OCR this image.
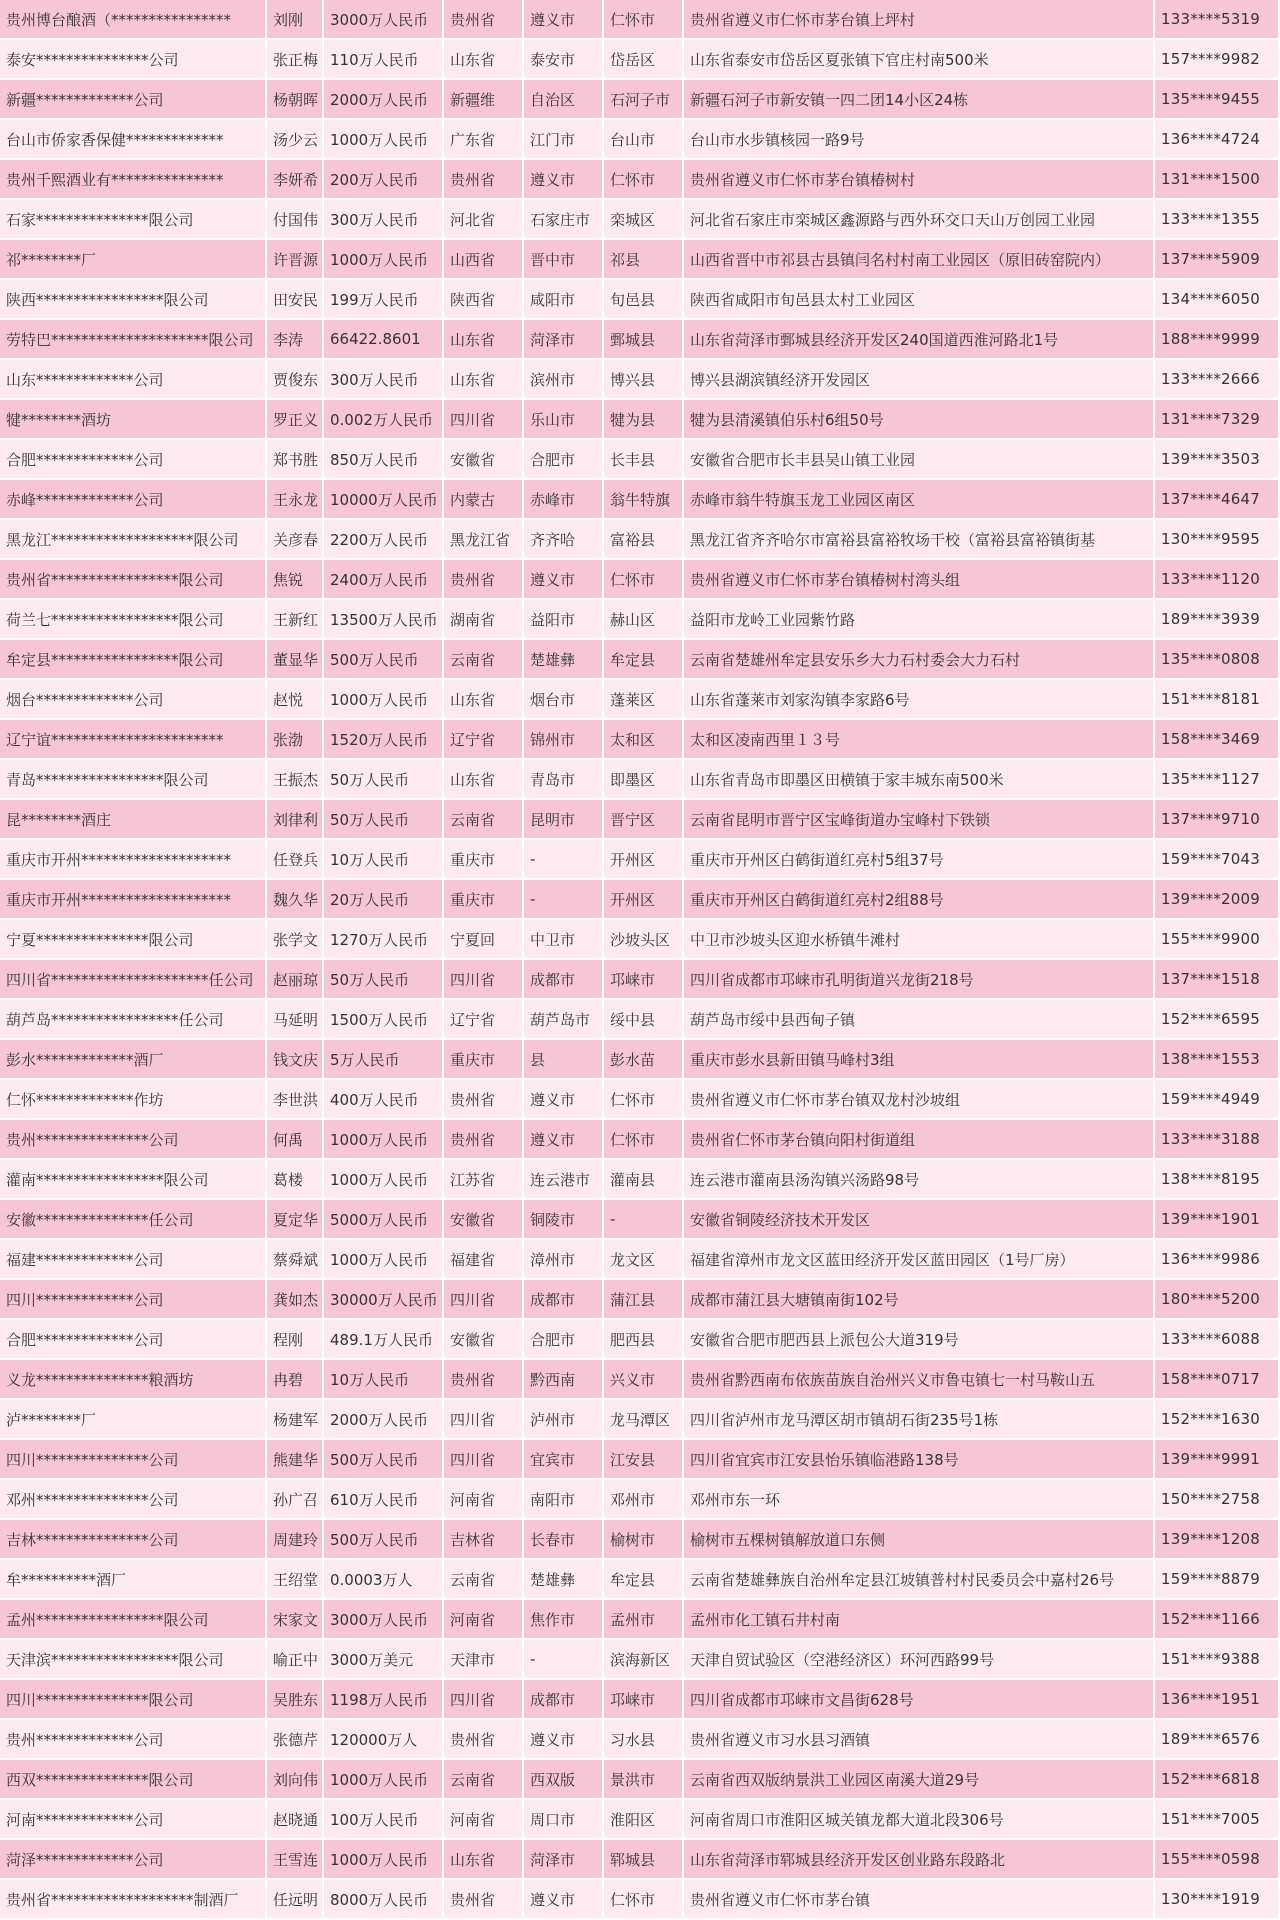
贵州博台酿酒（****************	刘刚	3000万人民币	贵州省	遵义市	仁怀市	贵州省遵义市仁怀市茅台镇上坪村	133****5319
泰安***************公司	张正梅	110万人民币	山东省	泰安市	岱岳区	山东省泰安市岱岳区夏张镇下官庄村南500米	157****9982
新疆*************公司	杨朝晖	2000万人民币	新疆维	自治区	石河子市	新疆石河子市新安镇一四二团14小区24栋	135****9455
台山市侨家香保健*************	汤少云	1000万人民币	广东省	江门市	台山市	台山市水步镇核园一路9号	136****4724
贵州千熙酒业有***************	李妍希	200万人民币	贵州省	遵义市	仁怀市	贵州省遵义市仁怀市茅台镇椿树村	131****1500
石家***************限公司	付国伟	300万人民币	河北省	石家庄市	栾城区	河北省石家庄市栾城区鑫源路与西外环交口天山万创园工业园	133****1355
祁********厂	许晋源	1000万人民币	山西省	晋中市	祁县	山西省晋中市祁县古县镇闫名村村南工业园区（原旧砖窑院内）	137****5909
陕西*****************限公司	田安民	199万人民币	陕西省	咸阳市	旬邑县	陕西省咸阳市旬邑县太村工业园区	134****6050
劳特巴*********************限公司	李涛	66422.8601	山东省	菏泽市	鄄城县	山东省菏泽市鄄城县经济开发区240国道西淮河路北1号	188****9999
山东*************公司	贾俊东	300万人民币	山东省	滨州市	博兴县	博兴县湖滨镇经济开发园区	133****2666
犍********酒坊	罗正义	0.002万人民币	四川省	乐山市	犍为县	犍为县清溪镇伯乐村6组50号	131****7329
合肥*************公司	郑书胜	850万人民币	安徽省	合肥市	长丰县	安徽省合肥市长丰县吴山镇工业园	139****3503
赤峰*************公司	王永龙	10000万人民币	内蒙古	赤峰市	翁牛特旗	赤峰市翁牛特旗玉龙工业园区南区	137****4647
黑龙江*******************限公司	关彦春	2200万人民币	黑龙江省	齐齐哈	富裕县	黑龙江省齐齐哈尔市富裕县富裕牧场干校（富裕县富裕镇街基	130****9595
贵州省*****************限公司	焦锐	2400万人民币	贵州省	遵义市	仁怀市	贵州省遵义市仁怀市茅台镇椿树村湾头组	133****1120
荷兰七*****************限公司	王新红	13500万人民币	湖南省	益阳市	赫山区	益阳市龙岭工业园紫竹路	189****3939
牟定县*****************限公司	董显华	500万人民币	云南省	楚雄彝	牟定县	云南省楚雄州牟定县安乐乡大力石村委会大力石村	135****0808
烟台*************公司	赵悦	1000万人民币	山东省	烟台市	蓬莱区	山东省蓬莱市刘家沟镇李家路6号	151****8181
辽宁谊***********************	张渤	1520万人民币	辽宁省	锦州市	太和区	太和区凌南西里１３号	158****3469
青岛*****************限公司	王振杰	50万人民币	山东省	青岛市	即墨区	山东省青岛市即墨区田横镇于家丰城东南500米	135****1127
昆********酒庄	刘律利	50万人民币	云南省	昆明市	晋宁区	云南省昆明市晋宁区宝峰街道办宝峰村下铁锁	137****9710
重庆市开州********************	任登兵	10万人民币	重庆市	-	开州区	重庆市开州区白鹤街道红亮村5组37号	159****7043
重庆市开州********************	魏久华	20万人民币	重庆市	-	开州区	重庆市开州区白鹤街道红亮村2组88号	139****2009
宁夏***************限公司	张学文	1270万人民币	宁夏回	中卫市	沙坡头区	中卫市沙坡头区迎水桥镇牛滩村	155****9900
四川省*********************任公司	赵丽琼	50万人民币	四川省	成都市	邛崃市	四川省成都市邛崃市孔明街道兴龙街218号	137****1518
葫芦岛*****************任公司	马延明	1500万人民币	辽宁省	葫芦岛市	绥中县	葫芦岛市绥中县西甸子镇	152****6595
彭水*************酒厂	钱文庆	5万人民币	重庆市	县	彭水苗	重庆市彭水县新田镇马峰村3组	138****1553
仁怀*************作坊	李世洪	400万人民币	贵州省	遵义市	仁怀市	贵州省遵义市仁怀市茅台镇双龙村沙坡组	159****4949
贵州***************公司	何禹	1000万人民币	贵州省	遵义市	仁怀市	贵州省仁怀市茅台镇向阳村街道组	133****3188
灌南*****************限公司	葛楼	1000万人民币	江苏省	连云港市	灌南县	连云港市灌南县汤沟镇兴汤路98号	138****8195
安徽***************任公司	夏定华	5000万人民币	安徽省	铜陵市	-	安徽省铜陵经济技术开发区	139****1901
福建*************公司	蔡舜斌	1000万人民币	福建省	漳州市	龙文区	福建省漳州市龙文区蓝田经济开发区蓝田园区（1号厂房）	136****9986
四川*************公司	龚如杰	30000万人民币	四川省	成都市	蒲江县	成都市蒲江县大塘镇南街102号	180****5200
合肥*************公司	程刚	489.1万人民币	安徽省	合肥市	肥西县	安徽省合肥市肥西县上派包公大道319号	133****6088
义龙***************粮酒坊	冉碧	10万人民币	贵州省	黔西南	兴义市	贵州省黔西南布依族苗族自治州兴义市鲁屯镇七一村马鞍山五	158****0717
泸********厂	杨建军	2000万人民币	四川省	泸州市	龙马潭区	四川省泸州市龙马潭区胡市镇胡石街235号1栋	152****1630
四川***************公司	熊建华	500万人民币	四川省	宜宾市	江安县	四川省宜宾市江安县怡乐镇临港路138号	139****9991
邓州***************公司	孙广召	610万人民币	河南省	南阳市	邓州市	邓州市东一环	150****2758
吉林***************公司	周建玲	500万人民币	吉林省	长春市	榆树市	榆树市五棵树镇解放道口东侧	139****1208
牟**********酒厂	王绍堂	0.0003万人	云南省	楚雄彝	牟定县	云南省楚雄彝族自治州牟定县江坡镇普村村民委员会中嘉村26号	159****8879
孟州*****************限公司	宋家文	3000万人民币	河南省	焦作市	孟州市	孟州市化工镇石井村南	152****1166
天津滨*****************限公司	喻正中	3000万美元	天津市	-	滨海新区	天津自贸试验区（空港经济区）环河西路99号	151****9388
四川***************限公司	吴胜东	1198万人民币	四川省	成都市	邛崃市	四川省成都市邛崃市文昌街628号	136****1951
贵州*************公司	张德芹	120000万人	贵州省	遵义市	习水县	贵州省遵义市习水县习酒镇	189****6576
西双***************限公司	刘向伟	1000万人民币	云南省	西双版	景洪市	云南省西双版纳景洪工业园区南溪大道29号	152****6818
河南*************公司	赵晓通	100万人民币	河南省	周口市	淮阳区	河南省周口市淮阳区城关镇龙都大道北段306号	151****7005
菏泽*************公司	王雪连	1000万人民币	山东省	菏泽市	郓城县	山东省菏泽市郓城县经济开发区创业路东段路北	155****0598
贵州省*******************制酒厂	任远明	8000万人民币	贵州省	遵义市	仁怀市	贵州省遵义市仁怀市茅台镇	130****1919
